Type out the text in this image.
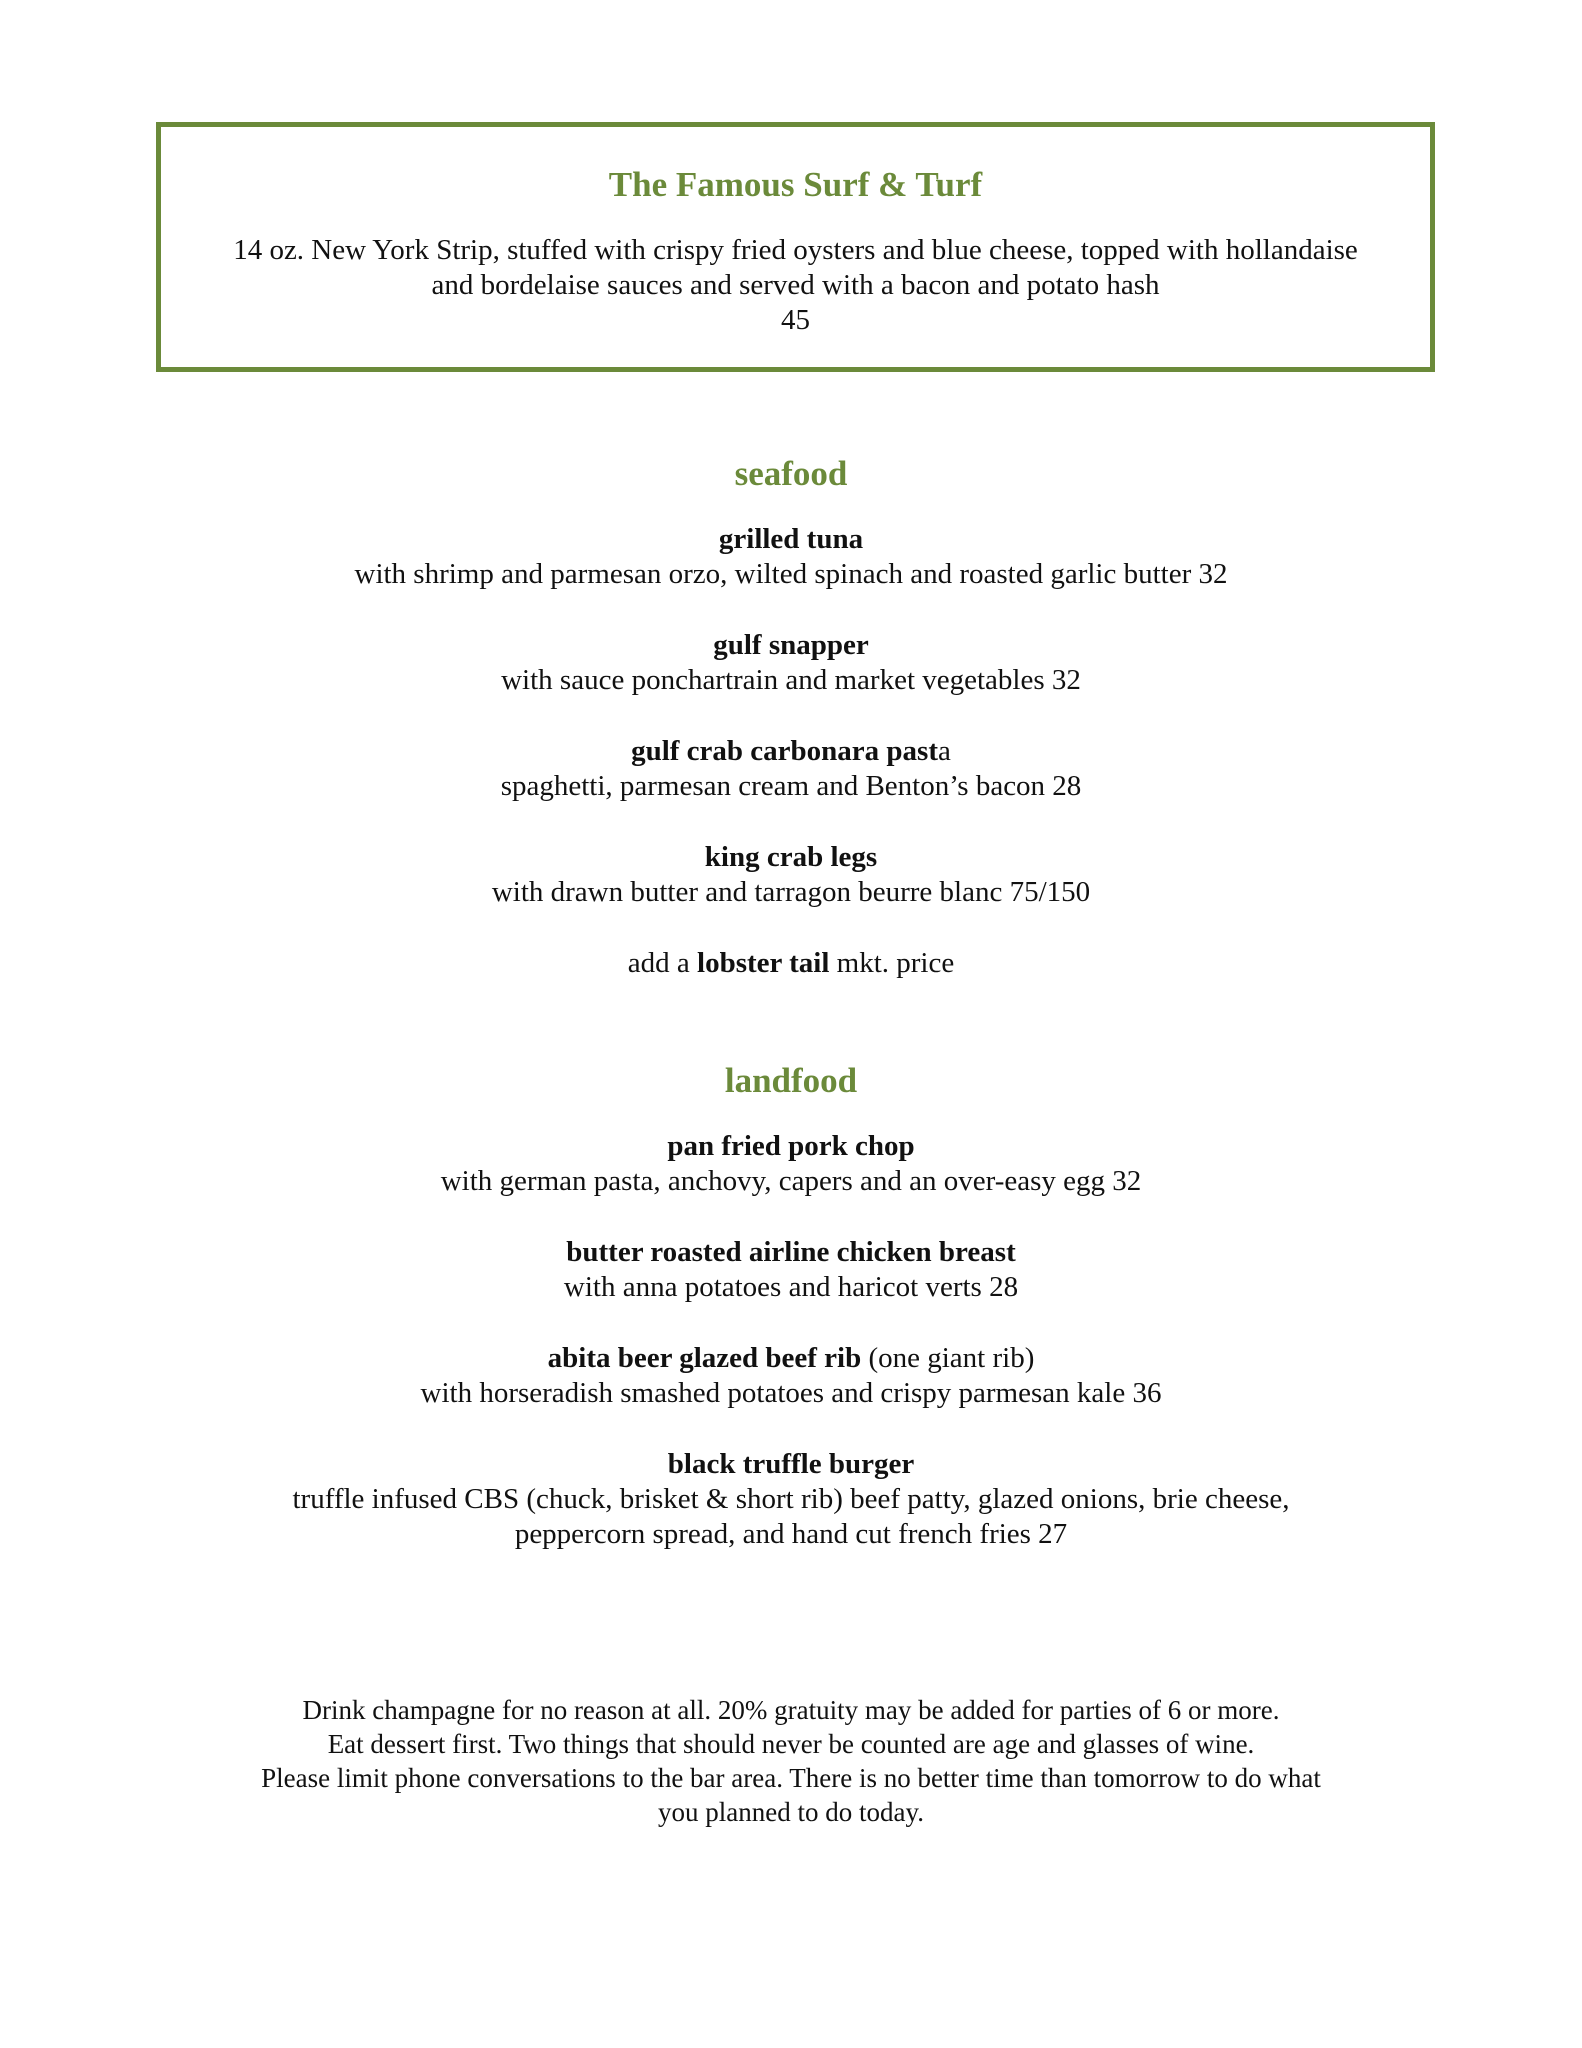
The Famous Surf & Turf
14 oz. New York Strip, stuffed with crispy fried oysters and blue cheese, topped with hollandaise
and bordelaise sauces and served with a bacon and potato hash
45
seafood
grilled tuna
with shrimp and parmesan orzo, wilted spinach and roasted garlic butter 32
gulf snapper
with sauce ponchartrain and market vegetables 32
gulf crab carbonara pasta
spaghetti, parmesan cream and Benton’s bacon 28
king crab legs
with drawn butter and tarragon beurre blanc 75/150
add a lobster tail mkt. price
landfood
pan fried pork chop
with german pasta, anchovy, capers and an over-easy egg 32
butter roasted airline chicken breast
with anna potatoes and haricot verts 28
abita beer glazed beef rib (one giant rib)
with horseradish smashed potatoes and crispy parmesan kale 36
black truffle burger
truffle infused CBS (chuck, brisket & short rib) beef patty, glazed onions, brie cheese,
peppercorn spread, and hand cut french fries 27
Drink champagne for no reason at all. 20% gratuity may be added for parties of 6 or more.
Eat dessert first. Two things that should never be counted are age and glasses of wine.
Please limit phone conversations to the bar area. There is no better time than tomorrow to do what
you planned to do today.
